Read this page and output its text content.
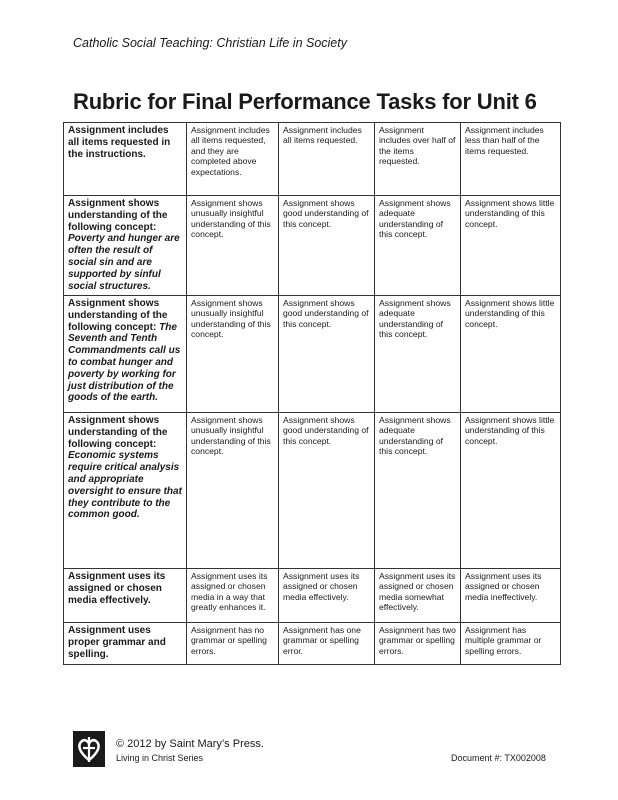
Catholic Social Teaching: Christian Life in Society
Rubric for Final Performance Tasks for Unit 6
Assignment includes all items requested in the instructions.	Assignment includes all items requested, and they are completed above expectations.	Assignment includes all items requested.	Assignment includes over half of the items requested.	Assignment includes less than half of the items requested.
Assignment shows understanding of the following concept: Poverty and hunger are often the result of social sin and are supported by sinful social structures.	Assignment shows unusually insightful understanding of this concept.	Assignment shows good understanding of this concept.	Assignment shows adequate understanding of this concept.	Assignment shows little understanding of this concept.
Assignment shows understanding of the following concept: The Seventh and Tenth Commandments call us to combat hunger and poverty by working for just distribution of the goods of the earth.	Assignment shows unusually insightful understanding of this concept.	Assignment shows good understanding of this concept.	Assignment shows adequate understanding of this concept.	Assignment shows little understanding of this concept.
Assignment shows understanding of the following concept: Economic systems require critical analysis and appropriate oversight to ensure that they contribute to the common good.	Assignment shows unusually insightful understanding of this concept.	Assignment shows good understanding of this concept.	Assignment shows adequate understanding of this concept.	Assignment shows little understanding of this concept.
Assignment uses its assigned or chosen media effectively.	Assignment uses its assigned or chosen media in a way that greatly enhances it.	Assignment uses its assigned or chosen media effectively.	Assignment uses its assigned or chosen media somewhat effectively.	Assignment uses its assigned or chosen media ineffectively.
Assignment uses proper grammar and spelling.	Assignment has no grammar or spelling errors.	Assignment has one grammar or spelling error.	Assignment has two grammar or spelling errors.	Assignment has multiple grammar or spelling errors.
© 2012 by Saint Mary’s Press.
Living in Christ Series	Document #: TX002008
